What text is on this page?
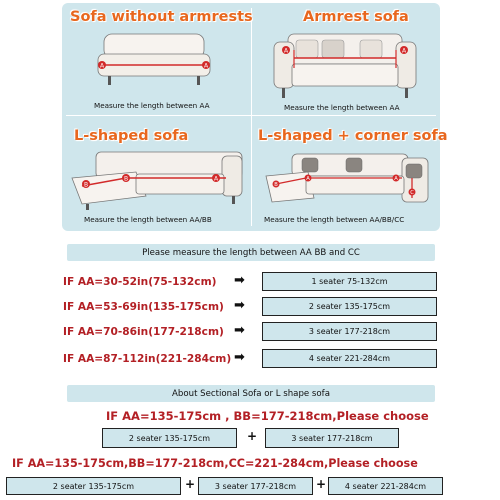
Sofa without armrests
A	A
Measure the length between AA
Armrest sofa
A	A
Measure the length between AA
L-shaped sofa
B
A
B
Measure the length between AA/BB
L-shaped + corner sofa
B
A	A
C
Measure the length between AA/BB/CC
Please measure the length between AA BB and CC
IF AA=30-52in(75-132cm) ➡	1 seater 75-132cm
IF AA=53-69in(135-175cm) ➡	2 seater 135-175cm
IF AA=70-86in(177-218cm) ➡	3 seater 177-218cm
IF AA=87-112in(221-284cm) ➡	4 seater 221-284cm
About Sectional Sofa or L shape sofa
IF AA=135-175cm , BB=177-218cm,Please choose
2 seater 135-175cm	+	3 seater 177-218cm
IF AA=135-175cm,BB=177-218cm,CC=221-284cm,Please choose
2 seater 135-175cm	+	3 seater 177-218cm	+	4 seater 221-284cm
